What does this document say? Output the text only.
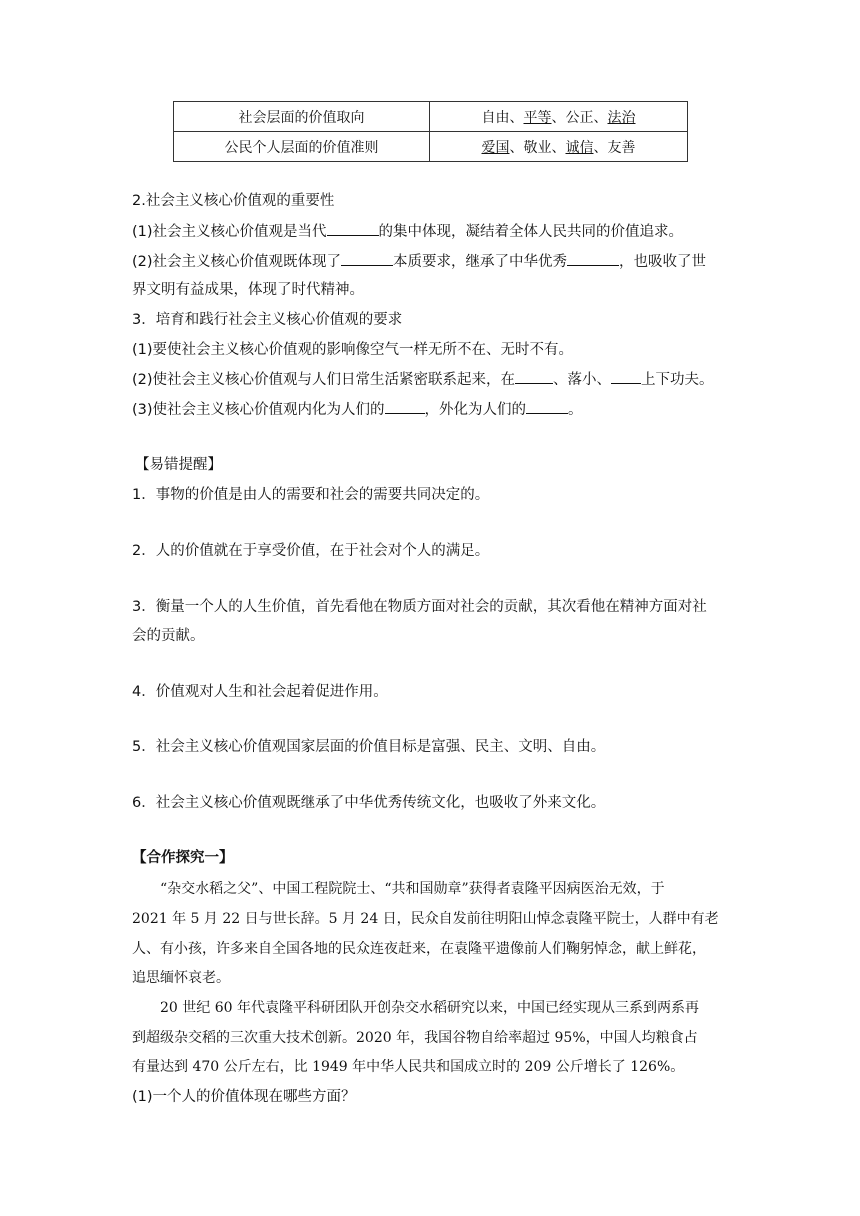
社会层面的价值取向	自由、平等、公正、法治
公民个人层面的价值准则	爱国、敬业、诚信、友善
2.社会主义核心价值观的重要性
(1)社会主义核心价值观是当代	的集中体现，凝结着全体人民共同的价值追求。
(2)社会主义核心价值观既体现了	本质要求，继承了中华优秀	，也吸收了世
界文明有益成果，体现了时代精神。
3．培育和践行社会主义核心价值观的要求
(1)要使社会主义核心价值观的影响像空气一样无所不在、无时不有。
(2)使社会主义核心价值观与人们日常生活紧密联系起来，在	、落小、 上下功夫。
(3)使社会主义核心价值观内化为人们的	，外化为人们的	。
【易错提醒】
1．事物的价值是由人的需要和社会的需要共同决定的。
2．人的价值就在于享受价值，在于社会对个人的满足。
3．衡量一个人的人生价值，首先看他在物质方面对社会的贡献，其次看他在精神方面对社
会的贡献。
4．价值观对人生和社会起着促进作用。
5．社会主义核心价值观国家层面的价值目标是富强、民主、文明、自由。
6．社会主义核心价值观既继承了中华优秀传统文化，也吸收了外来文化。
【合作探究一】
“杂交水稻之父”、中国工程院院士、“共和国勋章”获得者袁隆平因病医治无效，于
2021 年 5 月 22 日与世长辞。5 月 24 日，民众自发前往明阳山悼念袁隆平院士，人群中有老
人、有小孩，许多来自全国各地的民众连夜赶来，在袁隆平遗像前人们鞠躬悼念，献上鲜花，
追思缅怀哀老。
20 世纪 60 年代袁隆平科研团队开创杂交水稻研究以来，中国已经实现从三系到两系再
到超级杂交稻的三次重大技术创新。2020 年，我国谷物自给率超过 95%，中国人均粮食占
有量达到 470 公斤左右，比 1949 年中华人民共和国成立时的 209 公斤增长了 126%。
(1)一个人的价值体现在哪些方面？
